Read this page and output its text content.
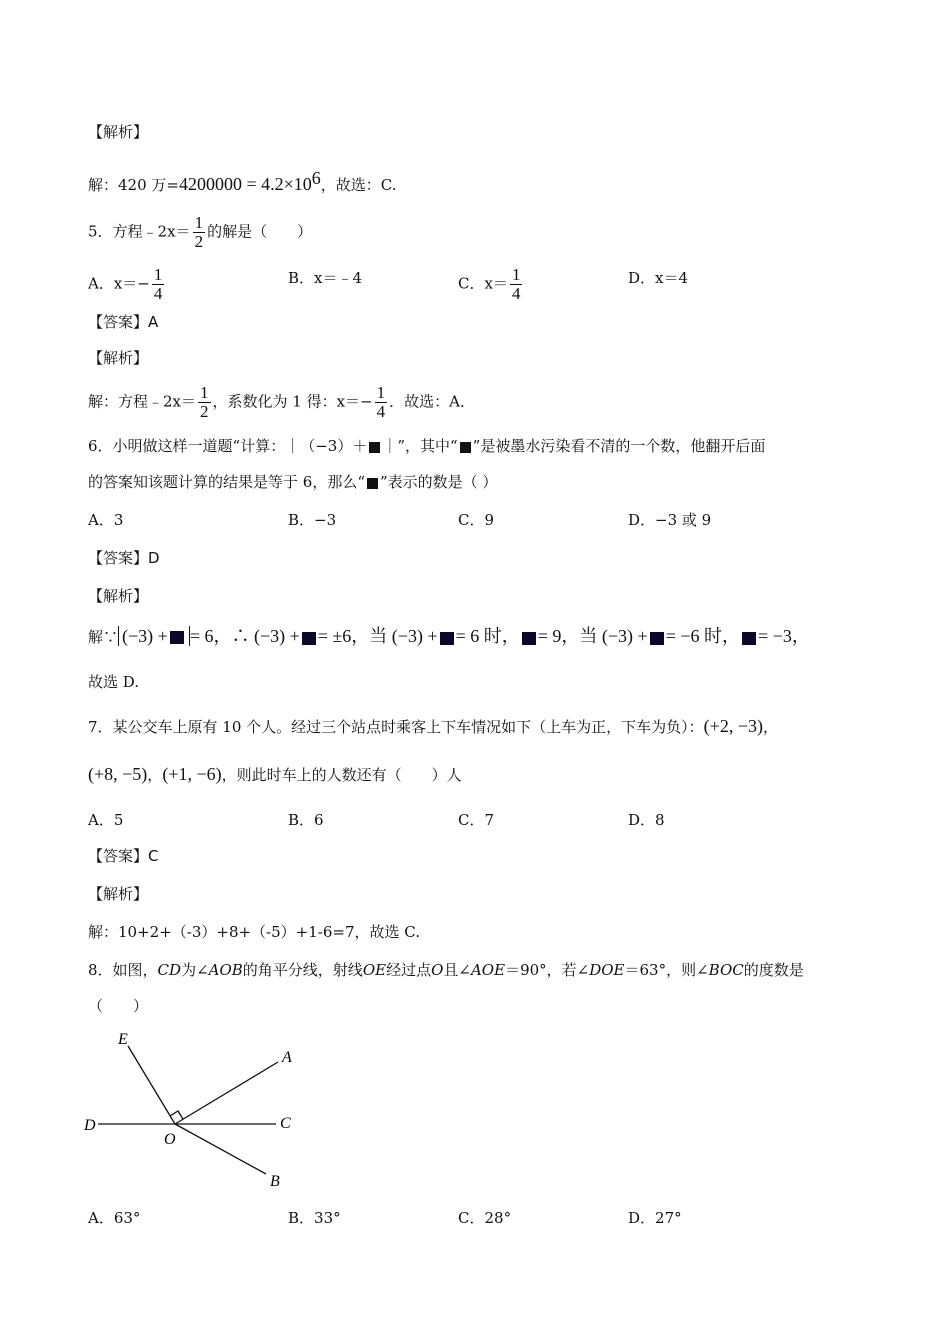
【解析】
解：420 万$=4200000 = 4.2\times 10^6$，故选：C.
5．方程﹣2x＝ $\frac{1}{2}$ 的解是（　　）
A．$x=- \frac{1}{4}$	B．x＝﹣4	C．$x= \frac{1}{4}$	D．x＝4
【答案】A
【解析】
解：方程﹣2x＝ $\frac{1}{2}$ ，系数化为 1 得：$x=- \frac{1}{4}$ ．故选：A．
6．小明做这样一道题“计算：｜（−3）＋ ｜”，其中“ ”是被墨水污染看不清的一个数，他翻开后面
的答案知该题计算的结果是等于 6，那么“ ”表示的数是（ ）
A．3	B．−3	C．9	D．−3 或 9
【答案】D
【解析】
解∵ (−3) + = 6，∴ (−3) + = ±6，当 (−3) + = 6 时， = 9，当 (−3) + = −6 时， = −3，
故选 D.
7．某公交车上原有 10 个人。经过三个站点时乘客上下车情况如下（上车为正，下车为负）：(+2, −3)，
(+8, −5)，(+1, −6)，则此时车上的人数还有（　　）人
A．5	B．6	C．7	D．8
【答案】C
【解析】
解：10+2+（-3）+8+（-5）+1-6=7，故选 C.
8．如图，CD为∠AOB的角平分线，射线OE经过点O且∠AOE＝90°，若∠DOE＝63°，则∠BOC的度数是
（　　）
E
A
D
O
C
B
A．63°	B．33°	C．28°	D．27°
